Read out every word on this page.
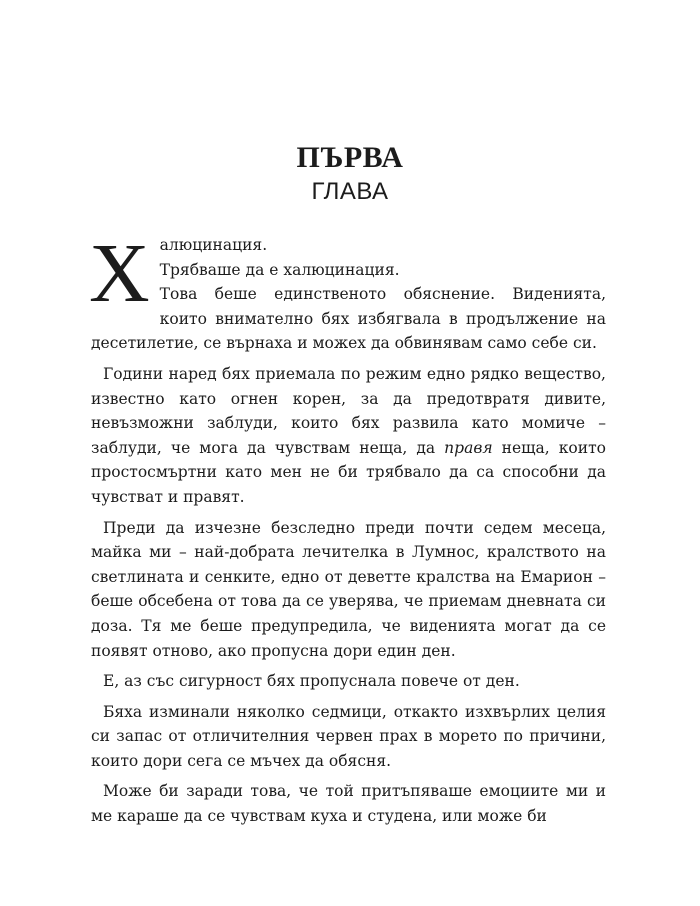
ПЪРВА
ГЛАВА

Х алюцинация.

Трябваше да е халюцинация.
Това беше единственото обяснение. Виденията, които внимателно бях избягвала в продължение на десетилетие, се върнаха и можех да обвинявам само себе си.

Години наред бях приемала по режим едно рядко вещество, известно като огнен корен, за да предотвратя дивите, невъзможни заблуди, които бях развила като момиче – заблуди, че мога да чувствам неща, да правя неща, които простосмъртни като мен не би трябвало да са способни да чувстват и правят.

Преди да изчезне безследно преди почти седем месеца, майка ми – най-добрата лечителка в Лумнос, кралството на светлината и сенките, едно от деветте кралства на Емарион – беше обсебена от това да се уверява, че приемам дневната си доза. Тя ме беше предупредила, че виденията могат да се появят отново, ако пропусна дори един ден.

Е, аз със сигурност бях пропуснала повече от ден.

Бяха изминали няколко седмици, откакто изхвърлих целия си запас от отличителния червен прах в морето по причини, които дори сега се мъчех да обясня.

Може би заради това, че той притъпяваше емоциите ми и ме караше да се чувствам куха и студена, или може би
